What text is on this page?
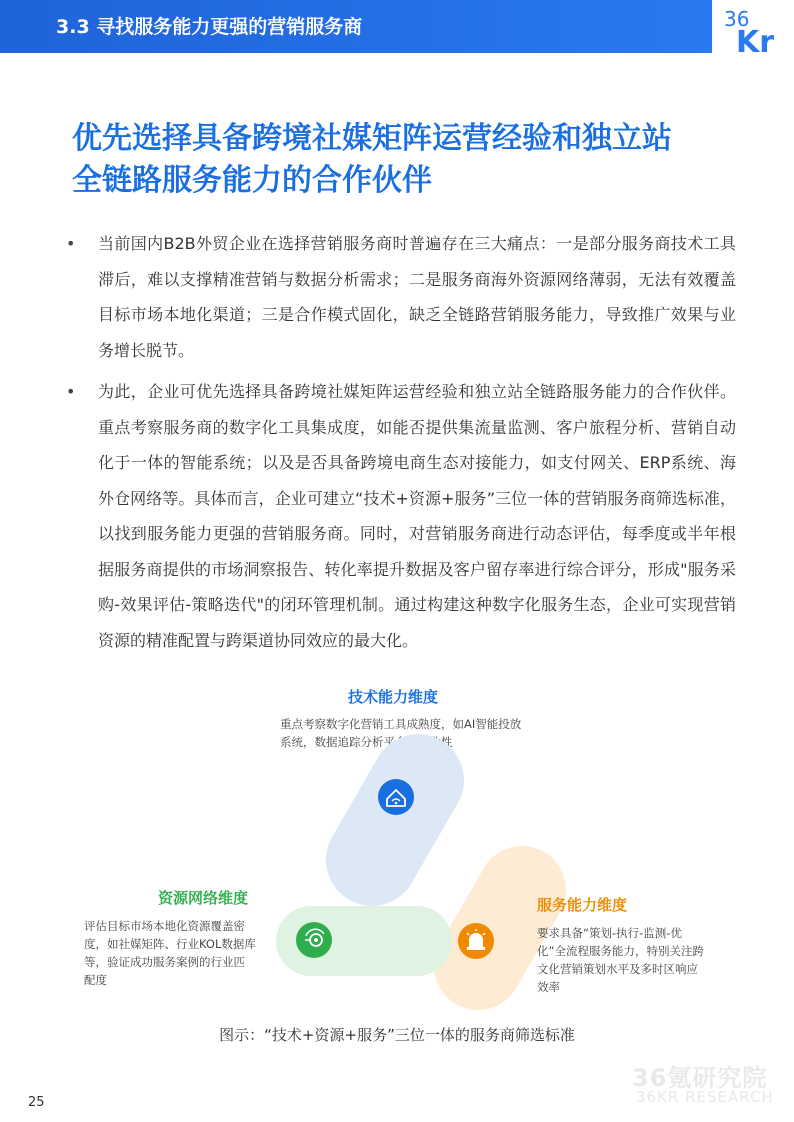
3.3 寻找服务能力更强的营销服务商	36
Kr
优先选择具备跨境社媒矩阵运营经验和独立站
全链路服务能力的合作伙伴
• 当前国内B2B外贸企业在选择营销服务商时普遍存在三大痛点：一是部分服务商技术工具滞后，难以支撑精准营销与数据分析需求；二是服务商海外资源网络薄弱，无法有效覆盖目标市场本地化渠道；三是合作模式固化，缺乏全链路营销服务能力，导致推广效果与业务增长脱节。
• 为此，企业可优先选择具备跨境社媒矩阵运营经验和独立站全链路服务能力的合作伙伴。重点考察服务商的数字化工具集成度，如能否提供集流量监测、客户旅程分析、营销自动化于一体的智能系统；以及是否具备跨境电商生态对接能力，如支付网关、ERP系统、海外仓网络等。具体而言，企业可建立“技术+资源+服务”三位一体的营销服务商筛选标准，以找到服务能力更强的营销服务商。同时，对营销服务商进行动态评估，每季度或半年根据服务商提供的市场洞察报告、转化率提升数据及客户留存率进行综合评分，形成"服务采购-效果评估-策略迭代"的闭环管理机制。通过构建这种数字化服务生态，企业可实现营销资源的精准配置与跨渠道协同效应的最大化。
技术能力维度
重点考察数字化营销工具成熟度，如AI智能投放系统，数据追踪分析平台的专业性
资源网络维度
评估目标市场本地化资源覆盖密度，如社媒矩阵、行业KOL数据库等，验证成功服务案例的行业匹配度
服务能力维度
要求具备“策划-执行-监测-优化”全流程服务能力，特别关注跨文化营销策划水平及多时区响应效率
图示：“技术+资源+服务”三位一体的服务商筛选标准
36氪研究院
36KR RESEARCH
25
